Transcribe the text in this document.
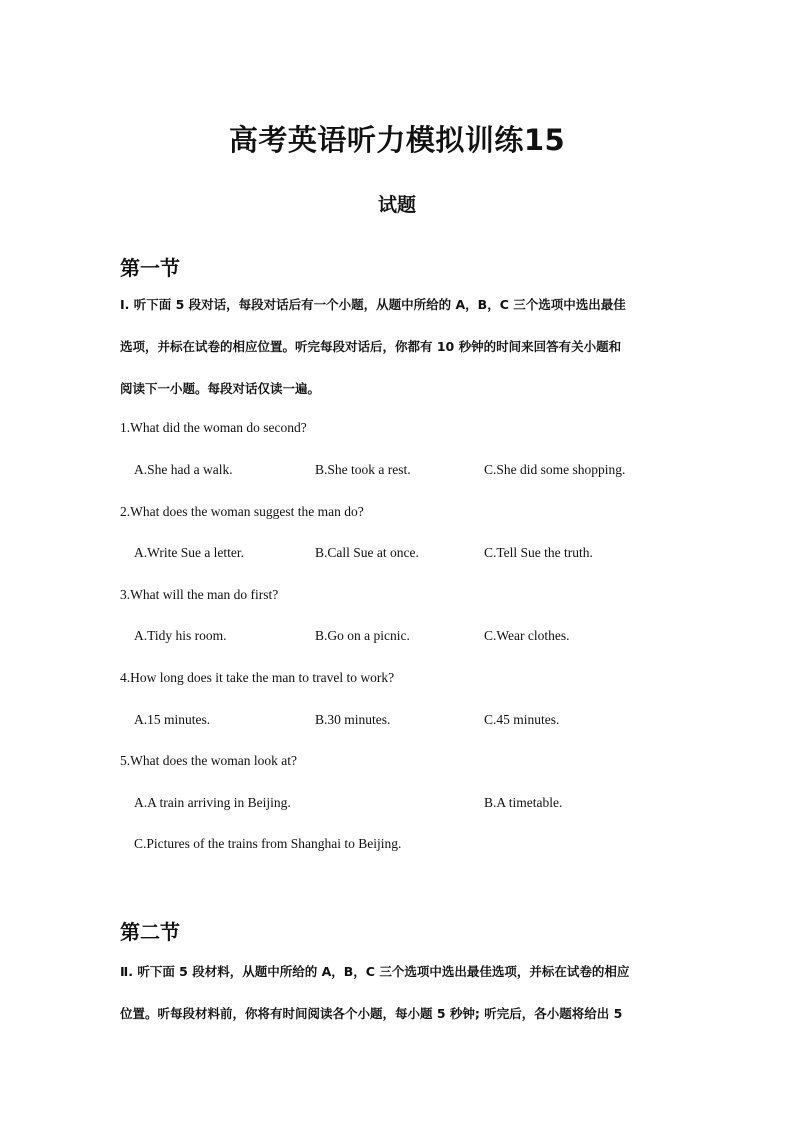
高考英语听力模拟训练15
试题
第一节
Ⅰ. 听下面 5 段对话，每段对话后有一个小题，从题中所给的 A，B，C 三个选项中选出最佳
选项，并标在试卷的相应位置。听完每段对话后，你都有 10 秒钟的时间来回答有关小题和
阅读下一小题。每段对话仅读一遍。
1.What did the woman do second?
A.She had a walk.	B.She took a rest.	C.She did some shopping.
2.What does the woman suggest the man do?
A.Write Sue a letter.	B.Call Sue at once.	C.Tell Sue the truth.
3.What will the man do first?
A.Tidy his room.	B.Go on a picnic.	C.Wear clothes.
4.How long does it take the man to travel to work?
A.15 minutes.	B.30 minutes.	C.45 minutes.
5.What does the woman look at?
A.A train arriving in Beijing.	B.A timetable.
C.Pictures of the trains from Shanghai to Beijing.
第二节
Ⅱ. 听下面 5 段材料，从题中所给的 A，B，C 三个选项中选出最佳选项，并标在试卷的相应
位置。听每段材料前，你将有时间阅读各个小题，每小题 5 秒钟; 听完后，各小题将给出 5
